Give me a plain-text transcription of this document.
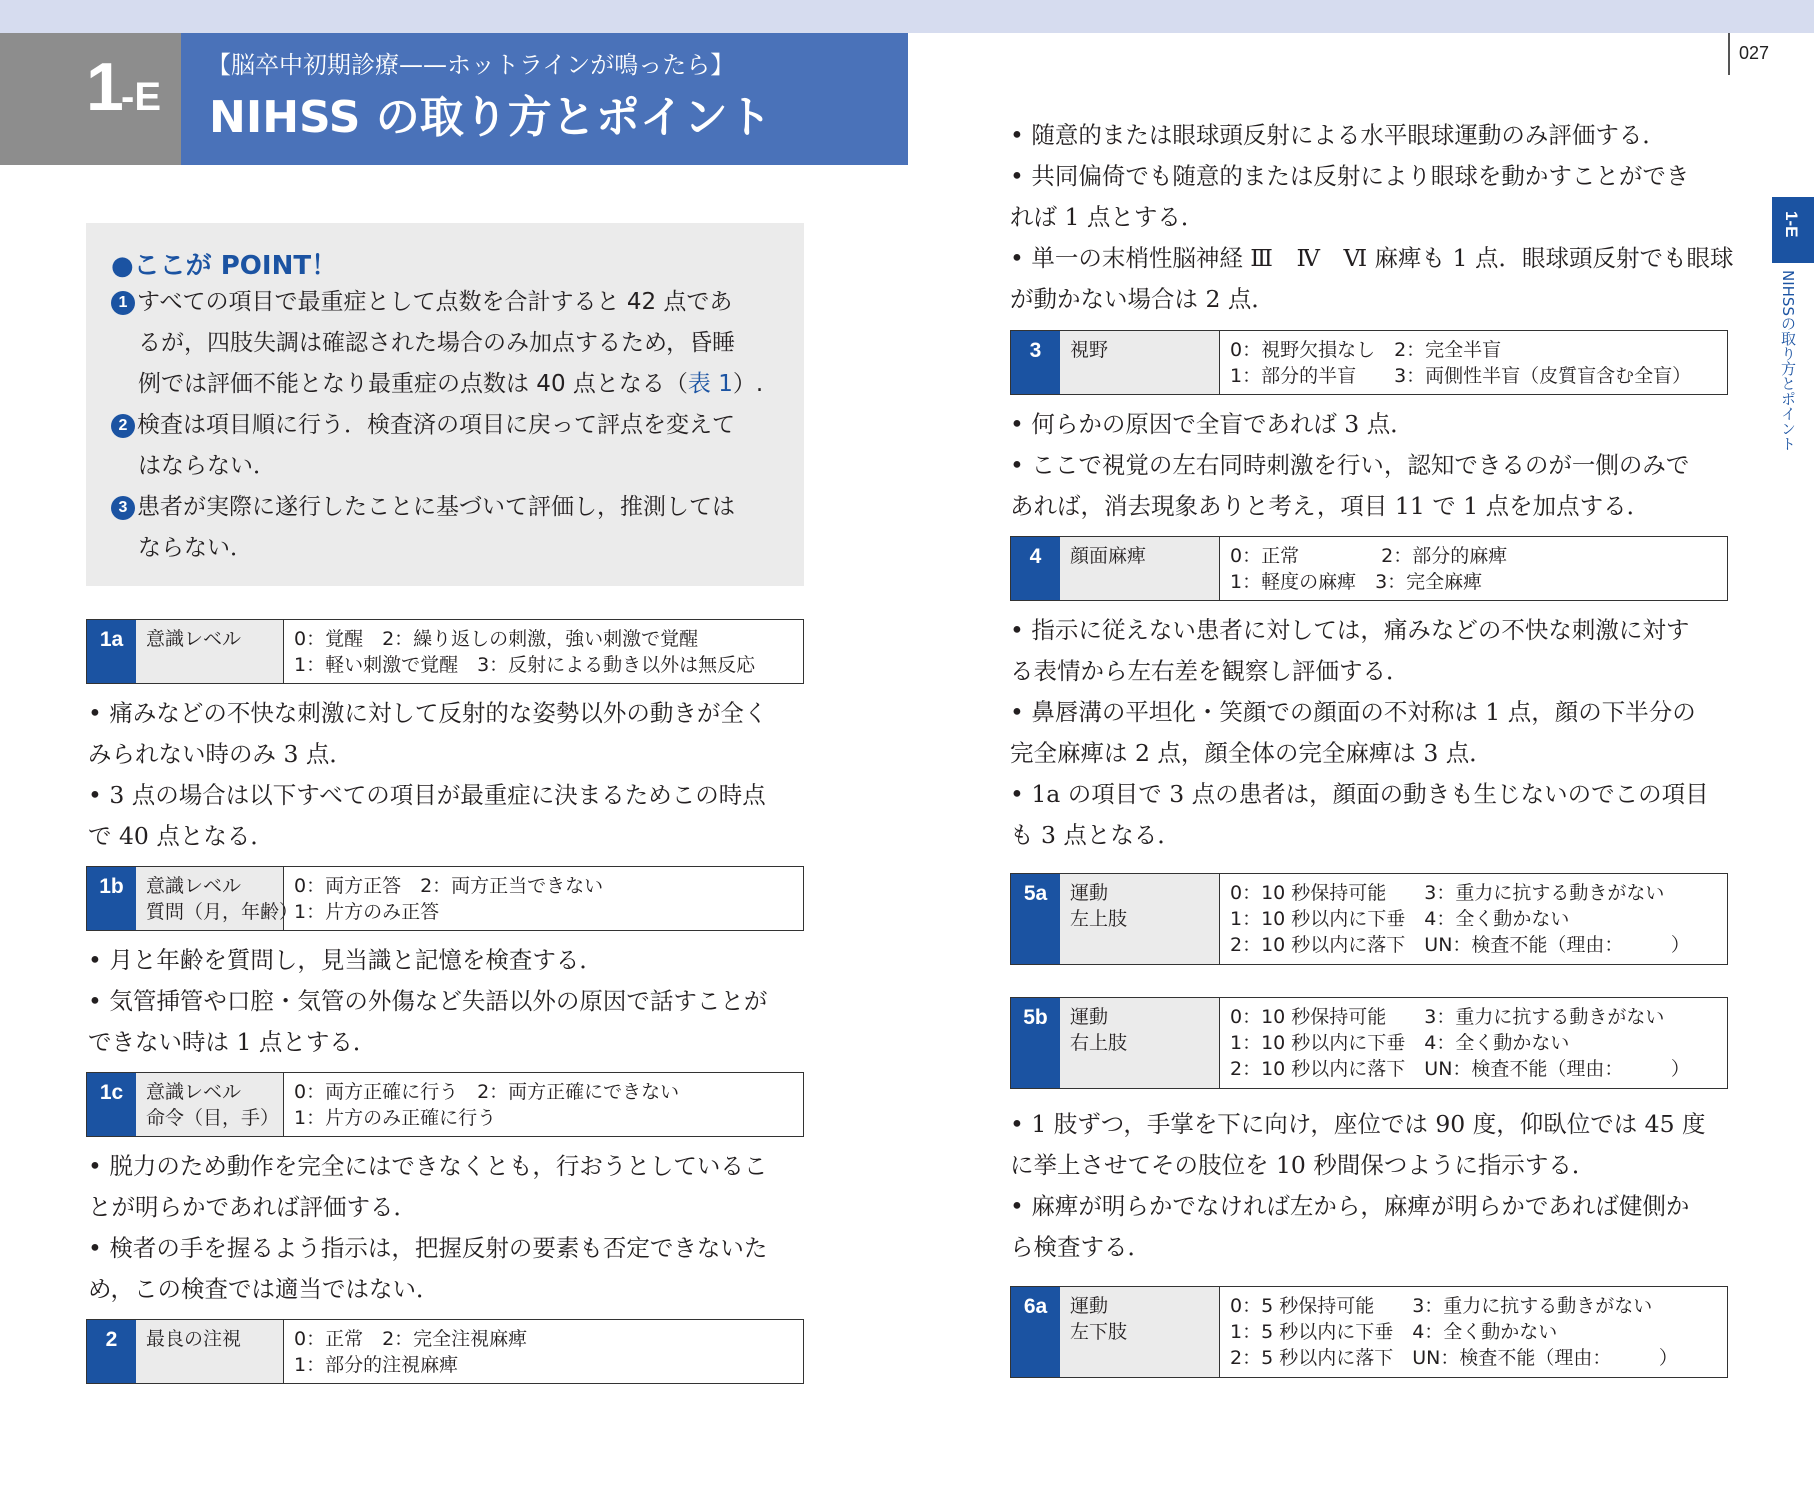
1
-E
【脳卒中初期診療——ホットラインが鳴ったら】
NIHSS の取り方とポイント
027
1-E
NIHSSの取り方とポイント
●ここが POINT！
1 すべての項目で最重症として点数を合計すると 42 点であ
るが，四肢失調は確認された場合のみ加点するため，昏睡
例では評価不能となり最重症の点数は 40 点となる（表 1）.
2 検査は項目順に行う．検査済の項目に戻って評点を変えて
はならない．
3 患者が実際に遂行したことに基づいて評価し，推測しては
ならない．
1a	意識レベル	0：覚醒　2：繰り返しの刺激，強い刺激で覚醒
1：軽い刺激で覚醒　3：反射による動き以外は無反応
• 痛みなどの不快な刺激に対して反射的な姿勢以外の動きが全く
みられない時のみ 3 点．
• 3 点の場合は以下すべての項目が最重症に決まるためこの時点
で 40 点となる．
1b	意識レベル
質問（月，年齢）
0：両方正答　2：両方正当できない
1：片方のみ正答
• 月と年齢を質問し，見当識と記憶を検査する．
• 気管挿管や口腔・気管の外傷など失語以外の原因で話すことが
できない時は 1 点とする．
1c	意識レベル
命令（目，手）
0：両方正確に行う　2：両方正確にできない
1：片方のみ正確に行う
• 脱力のため動作を完全にはできなくとも，行おうとしているこ
とが明らかであれば評価する．
• 検者の手を握るよう指示は，把握反射の要素も否定できないた
め，この検査では適当ではない．
2	最良の注視	0：正常　2：完全注視麻痺
1：部分的注視麻痺
• 随意的または眼球頭反射による水平眼球運動のみ評価する．
• 共同偏倚でも随意的または反射により眼球を動かすことができ
れば 1 点とする．
• 単一の末梢性脳神経 Ⅲ　Ⅳ　Ⅵ 麻痺も 1 点．眼球頭反射でも眼球
が動かない場合は 2 点．
3	視野	0：視野欠損なし　2：完全半盲
1：部分的半盲　　3：両側性半盲（皮質盲含む全盲）
• 何らかの原因で全盲であれば 3 点．
• ここで視覚の左右同時刺激を行い，認知できるのが一側のみで
あれば，消去現象ありと考え，項目 11 で 1 点を加点する．
4	顔面麻痺	0：正常　　　　 2：部分的麻痺
1：軽度の麻痺　3：完全麻痺
• 指示に従えない患者に対しては，痛みなどの不快な刺激に対す
る表情から左右差を観察し評価する．
• 鼻唇溝の平坦化・笑顔での顔面の不対称は 1 点，顔の下半分の
完全麻痺は 2 点，顔全体の完全麻痺は 3 点．
• 1a の項目で 3 点の患者は，顔面の動きも生じないのでこの項目
も 3 点となる．
5a	運動
左上肢
0：10 秒保持可能　　3：重力に抗する動きがない
1：10 秒以内に下垂　4：全く動かない
2：10 秒以内に落下　UN：検査不能（理由：　　　）
5b	運動
右上肢
0：10 秒保持可能　　3：重力に抗する動きがない
1：10 秒以内に下垂　4：全く動かない
2：10 秒以内に落下　UN：検査不能（理由：　　　）
• 1 肢ずつ，手掌を下に向け，座位では 90 度，仰臥位では 45 度
に挙上させてその肢位を 10 秒間保つように指示する．
• 麻痺が明らかでなければ左から，麻痺が明らかであれば健側か
ら検査する．
6a	運動
左下肢
0：5 秒保持可能　　3：重力に抗する動きがない
1：5 秒以内に下垂　4：全く動かない
2：5 秒以内に落下　UN：検査不能（理由：　　　）
